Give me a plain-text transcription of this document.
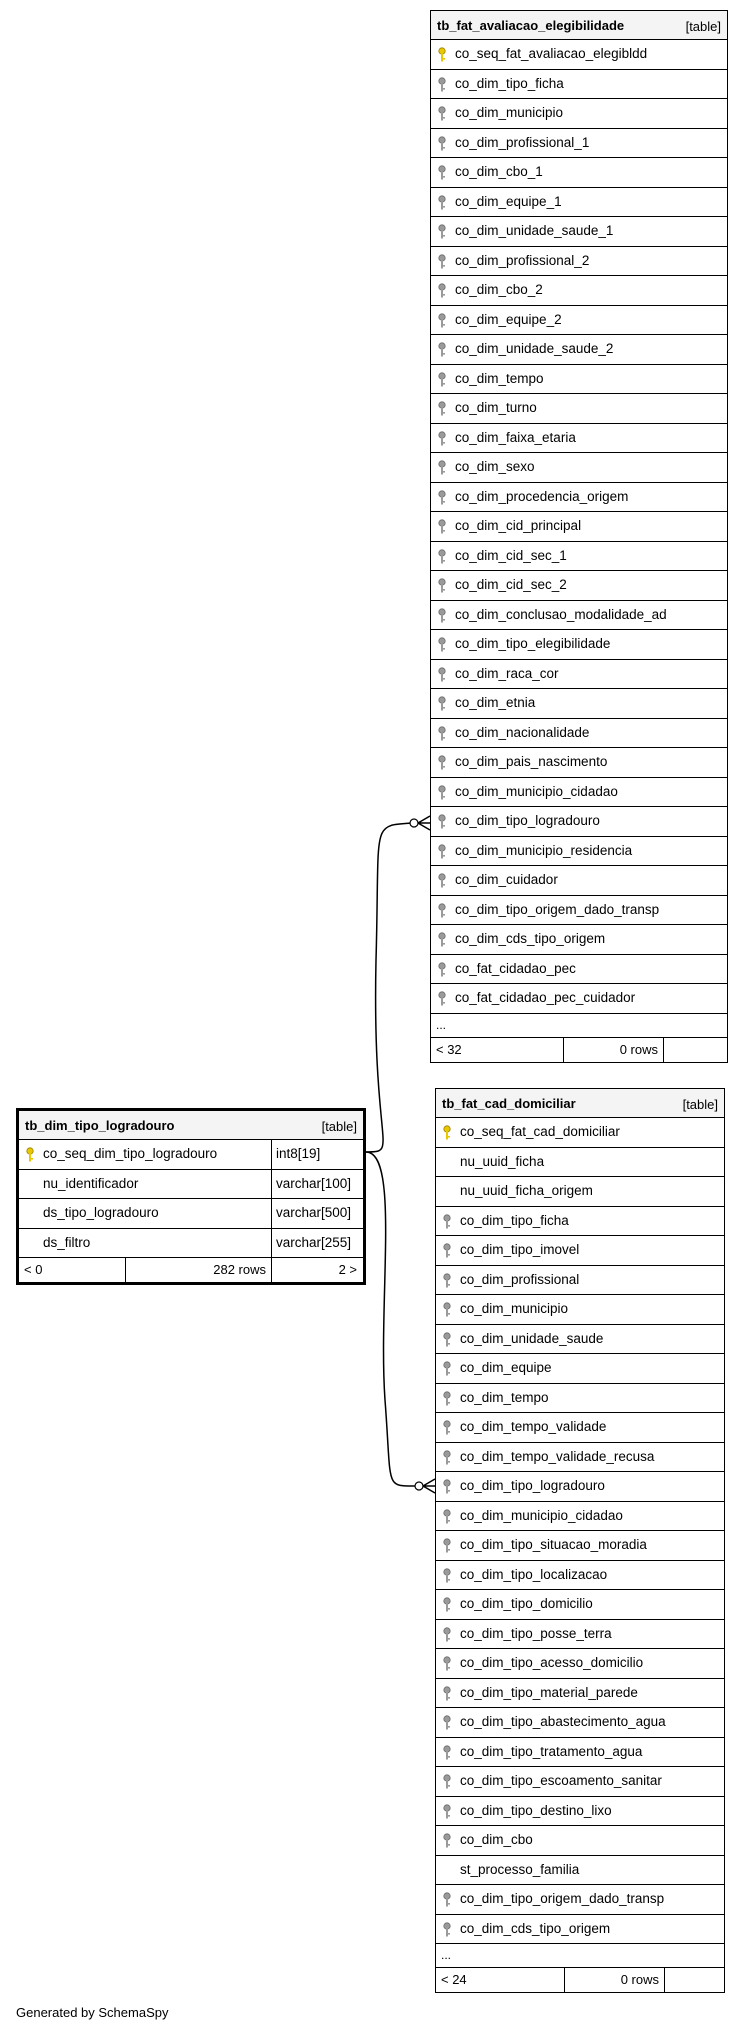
tb_fat_avaliacao_elegibilidade	[table]
co_seq_fat_avaliacao_elegibldd
co_dim_tipo_ficha
co_dim_municipio
co_dim_profissional_1
co_dim_cbo_1
co_dim_equipe_1
co_dim_unidade_saude_1
co_dim_profissional_2
co_dim_cbo_2
co_dim_equipe_2
co_dim_unidade_saude_2
co_dim_tempo
co_dim_turno
co_dim_faixa_etaria
co_dim_sexo
co_dim_procedencia_origem
co_dim_cid_principal
co_dim_cid_sec_1
co_dim_cid_sec_2
co_dim_conclusao_modalidade_ad
co_dim_tipo_elegibilidade
co_dim_raca_cor
co_dim_etnia
co_dim_nacionalidade
co_dim_pais_nascimento
co_dim_municipio_cidadao
co_dim_tipo_logradouro
co_dim_municipio_residencia
co_dim_cuidador
co_dim_tipo_origem_dado_transp
co_dim_cds_tipo_origem
co_fat_cidadao_pec
co_fat_cidadao_pec_cuidador
...
< 32	0 rows
tb_dim_tipo_logradouro	[table]
co_seq_dim_tipo_logradouro	int8[19]
nu_identificador	varchar[100]
ds_tipo_logradouro	varchar[500]
ds_filtro	varchar[255]
< 0	282 rows	2 >
tb_fat_cad_domiciliar	[table]
co_seq_fat_cad_domiciliar
nu_uuid_ficha
nu_uuid_ficha_origem
co_dim_tipo_ficha
co_dim_tipo_imovel
co_dim_profissional
co_dim_municipio
co_dim_unidade_saude
co_dim_equipe
co_dim_tempo
co_dim_tempo_validade
co_dim_tempo_validade_recusa
co_dim_tipo_logradouro
co_dim_municipio_cidadao
co_dim_tipo_situacao_moradia
co_dim_tipo_localizacao
co_dim_tipo_domicilio
co_dim_tipo_posse_terra
co_dim_tipo_acesso_domicilio
co_dim_tipo_material_parede
co_dim_tipo_abastecimento_agua
co_dim_tipo_tratamento_agua
co_dim_tipo_escoamento_sanitar
co_dim_tipo_destino_lixo
co_dim_cbo
st_processo_familia
co_dim_tipo_origem_dado_transp
co_dim_cds_tipo_origem
...
< 24	0 rows
Generated by SchemaSpy
